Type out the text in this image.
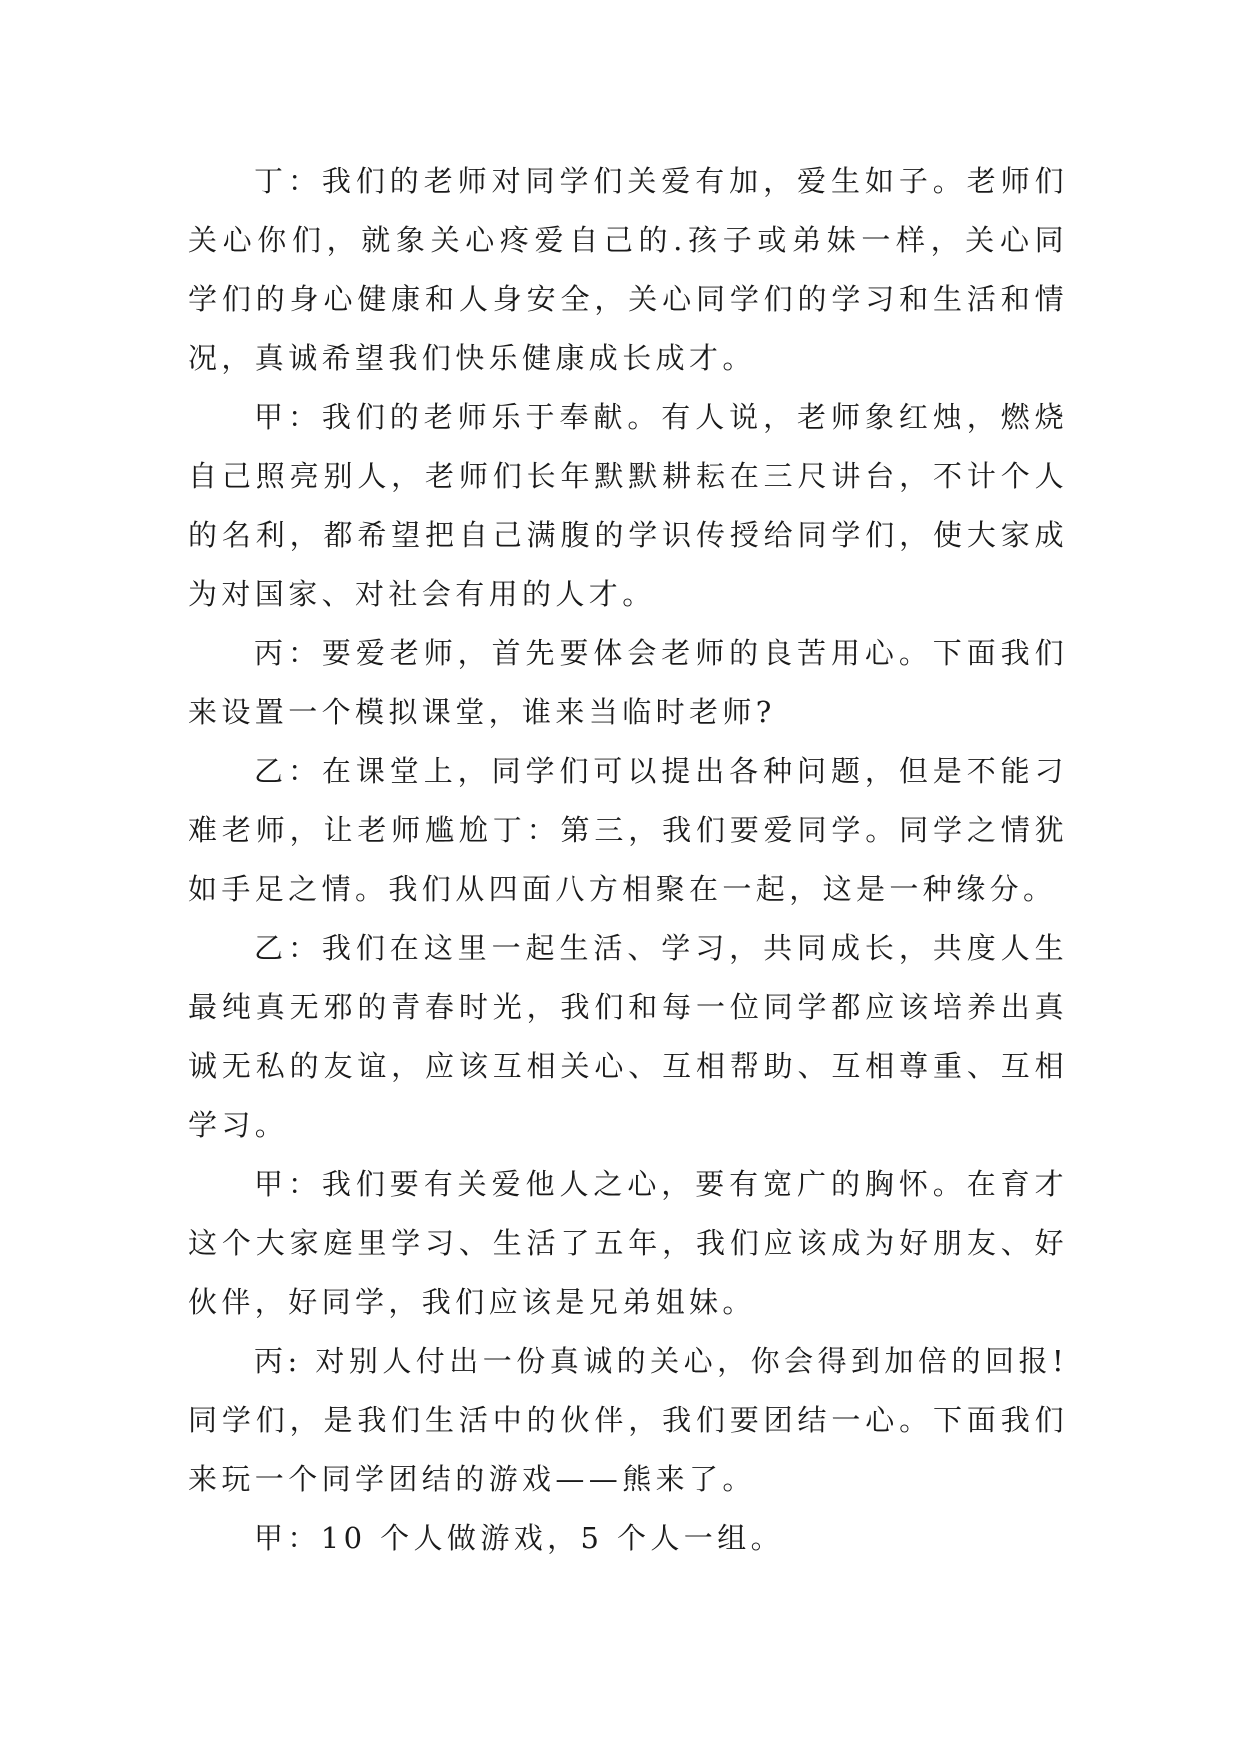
丁：我们的老师对同学们关爱有加，爱生如子。老师们关心你们，就象关心疼爱自己的.孩子或弟妹一样，关心同学们的身心健康和人身安全，关心同学们的学习和生活和情况，真诚希望我们快乐健康成长成才。

甲：我们的老师乐于奉献。有人说，老师象红烛，燃烧自己照亮别人，老师们长年默默耕耘在三尺讲台，不计个人的名利，都希望把自己满腹的学识传授给同学们，使大家成为对国家、对社会有用的人才。

丙：要爱老师，首先要体会老师的良苦用心。下面我们来设置一个模拟课堂，谁来当临时老师?

乙：在课堂上，同学们可以提出各种问题，但是不能刁难老师，让老师尴尬丁：第三，我们要爱同学。同学之情犹如手足之情。我们从四面八方相聚在一起，这是一种缘分。

乙：我们在这里一起生活、学习，共同成长，共度人生最纯真无邪的青春时光，我们和每一位同学都应该培养出真诚无私的友谊，应该互相关心、互相帮助、互相尊重、互相学习。

甲：我们要有关爱他人之心，要有宽广的胸怀。在育才这个大家庭里学习、生活了五年，我们应该成为好朋友、好伙伴，好同学，我们应该是兄弟姐妹。

丙: 对别人付出一份真诚的关心，你会得到加倍的回报!同学们，是我们生活中的伙伴，我们要团结一心。下面我们来玩一个同学团结的游戏——熊来了。

甲：10 个人做游戏，5 个人一组。
